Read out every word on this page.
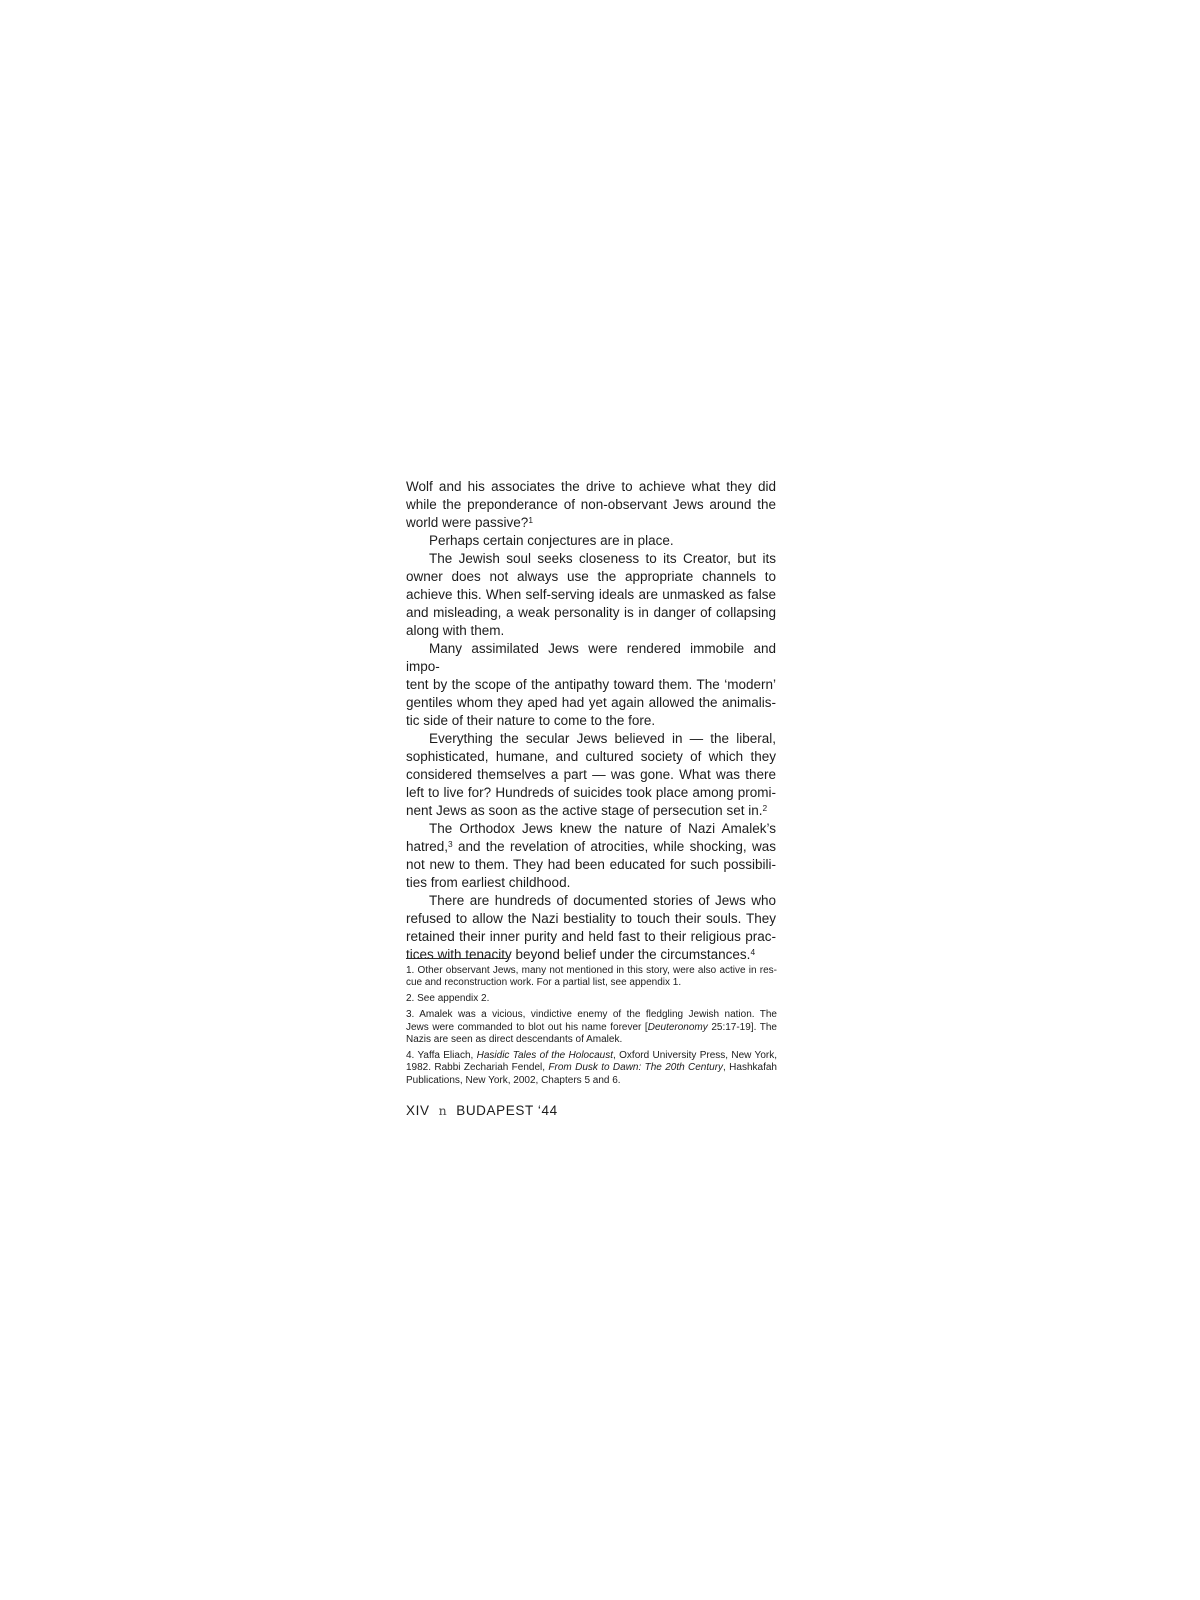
Wolf and his associates the drive to achieve what they did
while the preponderance of non-observant Jews around the
world were passive?$^1$
Perhaps certain conjectures are in place.
The Jewish soul seeks closeness to its Creator, but its
owner does not always use the appropriate channels to
achieve this. When self-serving ideals are unmasked as false
and misleading, a weak personality is in danger of collapsing
along with them.
Many assimilated Jews were rendered immobile and impo-
tent by the scope of the antipathy toward them. The ‘modern’
gentiles whom they aped had yet again allowed the animalis-
tic side of their nature to come to the fore.
Everything the secular Jews believed in — the liberal,
sophisticated, humane, and cultured society of which they
considered themselves a part — was gone. What was there
left to live for? Hundreds of suicides took place among promi-
nent Jews as soon as the active stage of persecution set in.$^2$
The Orthodox Jews knew the nature of Nazi Amalek’s
hatred,$^3$ and the revelation of atrocities, while shocking, was
not new to them. They had been educated for such possibili-
ties from earliest childhood.
There are hundreds of documented stories of Jews who
refused to allow the Nazi bestiality to touch their souls. They
retained their inner purity and held fast to their religious prac-
tices with tenacity beyond belief under the circumstances.$^4$
1. Other observant Jews, many not mentioned in this story, were also active in res-
cue and reconstruction work. For a partial list, see appendix 1.
2. See appendix 2.
3. Amalek was a vicious, vindictive enemy of the fledgling Jewish nation. The
Jews were commanded to blot out his name forever [Deuteronomy 25:17-19]. The
Nazis are seen as direct descendants of Amalek.
4. Yaffa Eliach, Hasidic Tales of the Holocaust, Oxford University Press, New York,
1982. Rabbi Zechariah Fendel, From Dusk to Dawn: The 20th Century, Hashkafah
Publications, New York, 2002, Chapters 5 and 6.
XIV n BUDAPEST ‘44
